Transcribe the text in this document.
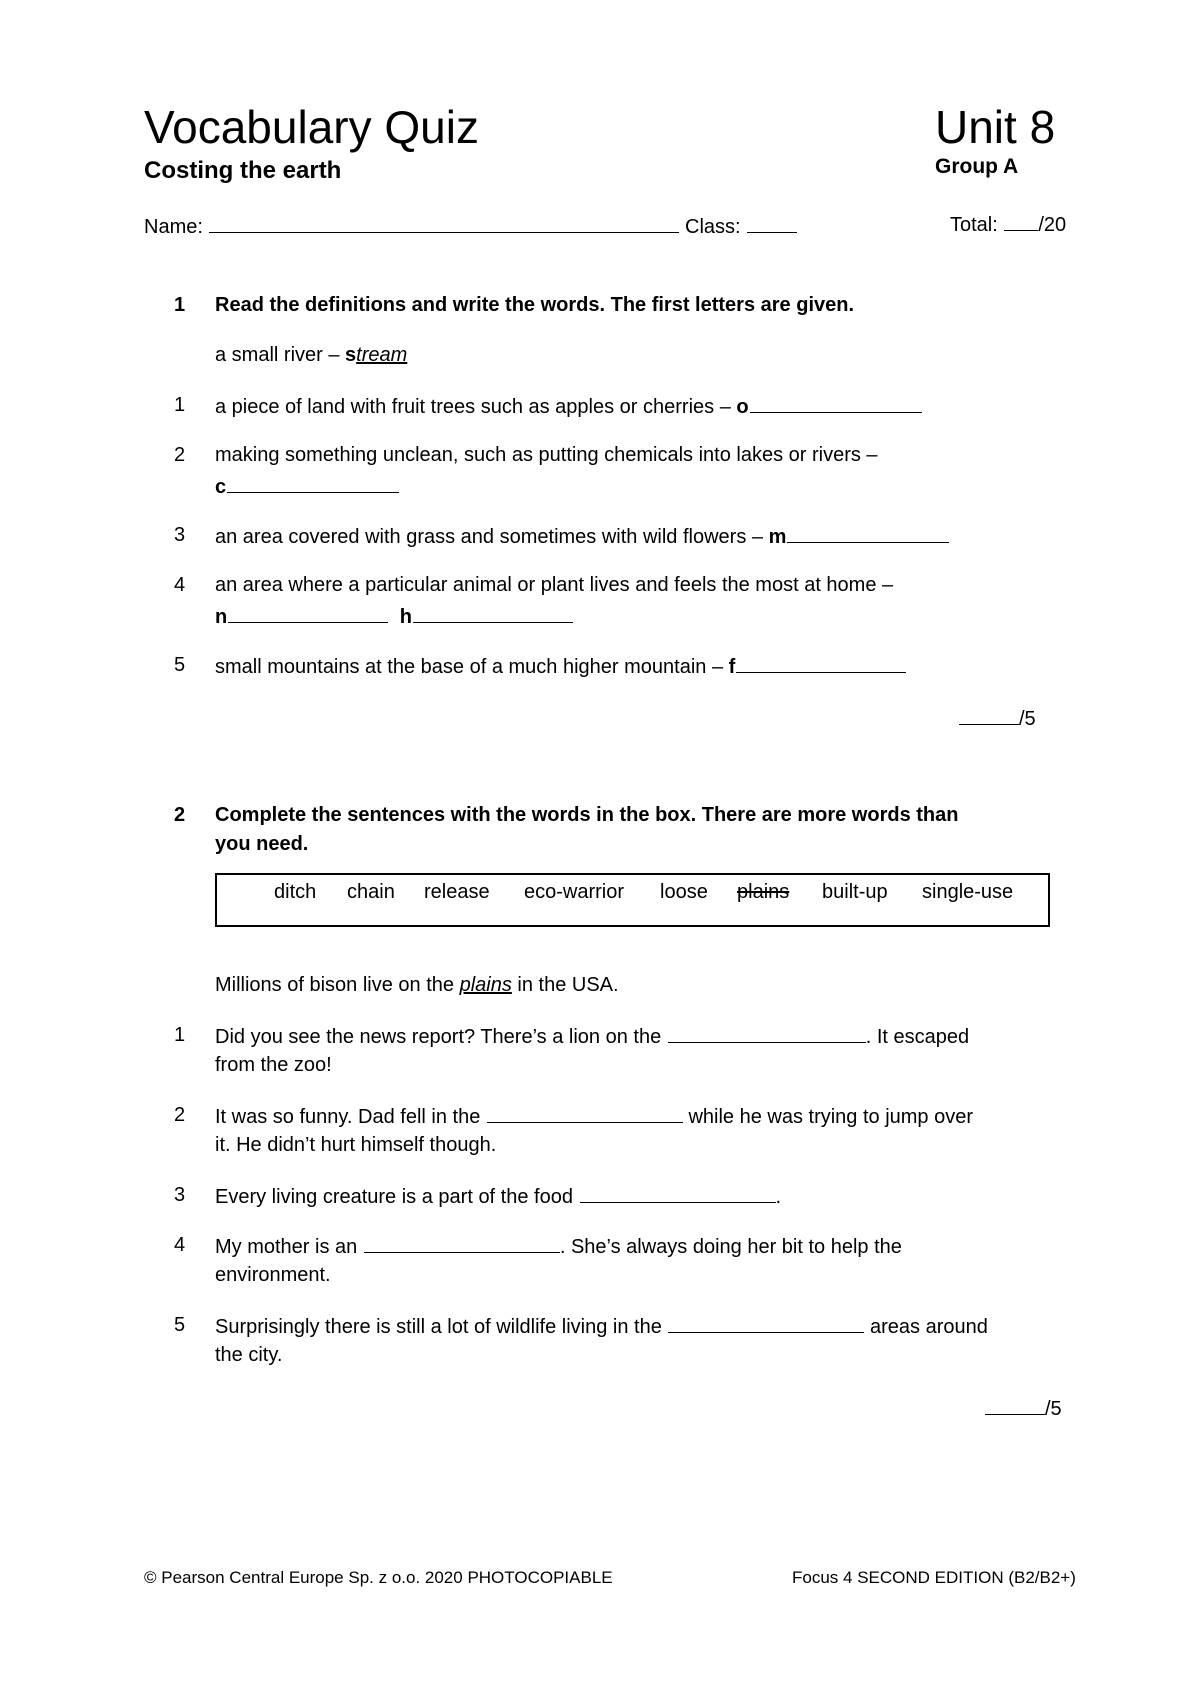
Vocabulary Quiz
Costing the earth
Unit 8
Group A
Name:	Class:	Total: /20
1 Read the definitions and write the words. The first letters are given.
a small river – stream
1 a piece of land with fruit trees such as apples or cherries – o
2 making something unclean, such as putting chemicals into lakes or rivers –
c
3 an area covered with grass and sometimes with wild flowers – m
4 an area where a particular animal or plant lives and feels the most at home –
n	h
5 small mountains at the base of a much higher mountain – f
/5
2 Complete the sentences with the words in the box. There are more words than
you need.
ditch chain release eco-warrior loose plains built-up single-use
Millions of bison live on the plains in the USA.
1 Did you see the news report? There’s a lion on the	. It escaped
from the zoo!
2 It was so funny. Dad fell in the	while he was trying to jump over
it. He didn’t hurt himself though.
3 Every living creature is a part of the food	.
4 My mother is an	. She’s always doing her bit to help the
environment.
5 Surprisingly there is still a lot of wildlife living in the	areas around
the city.
/5
© Pearson Central Europe Sp. z o.o. 2020 PHOTOCOPIABLE	Focus 4 SECOND EDITION (B2/B2+)
